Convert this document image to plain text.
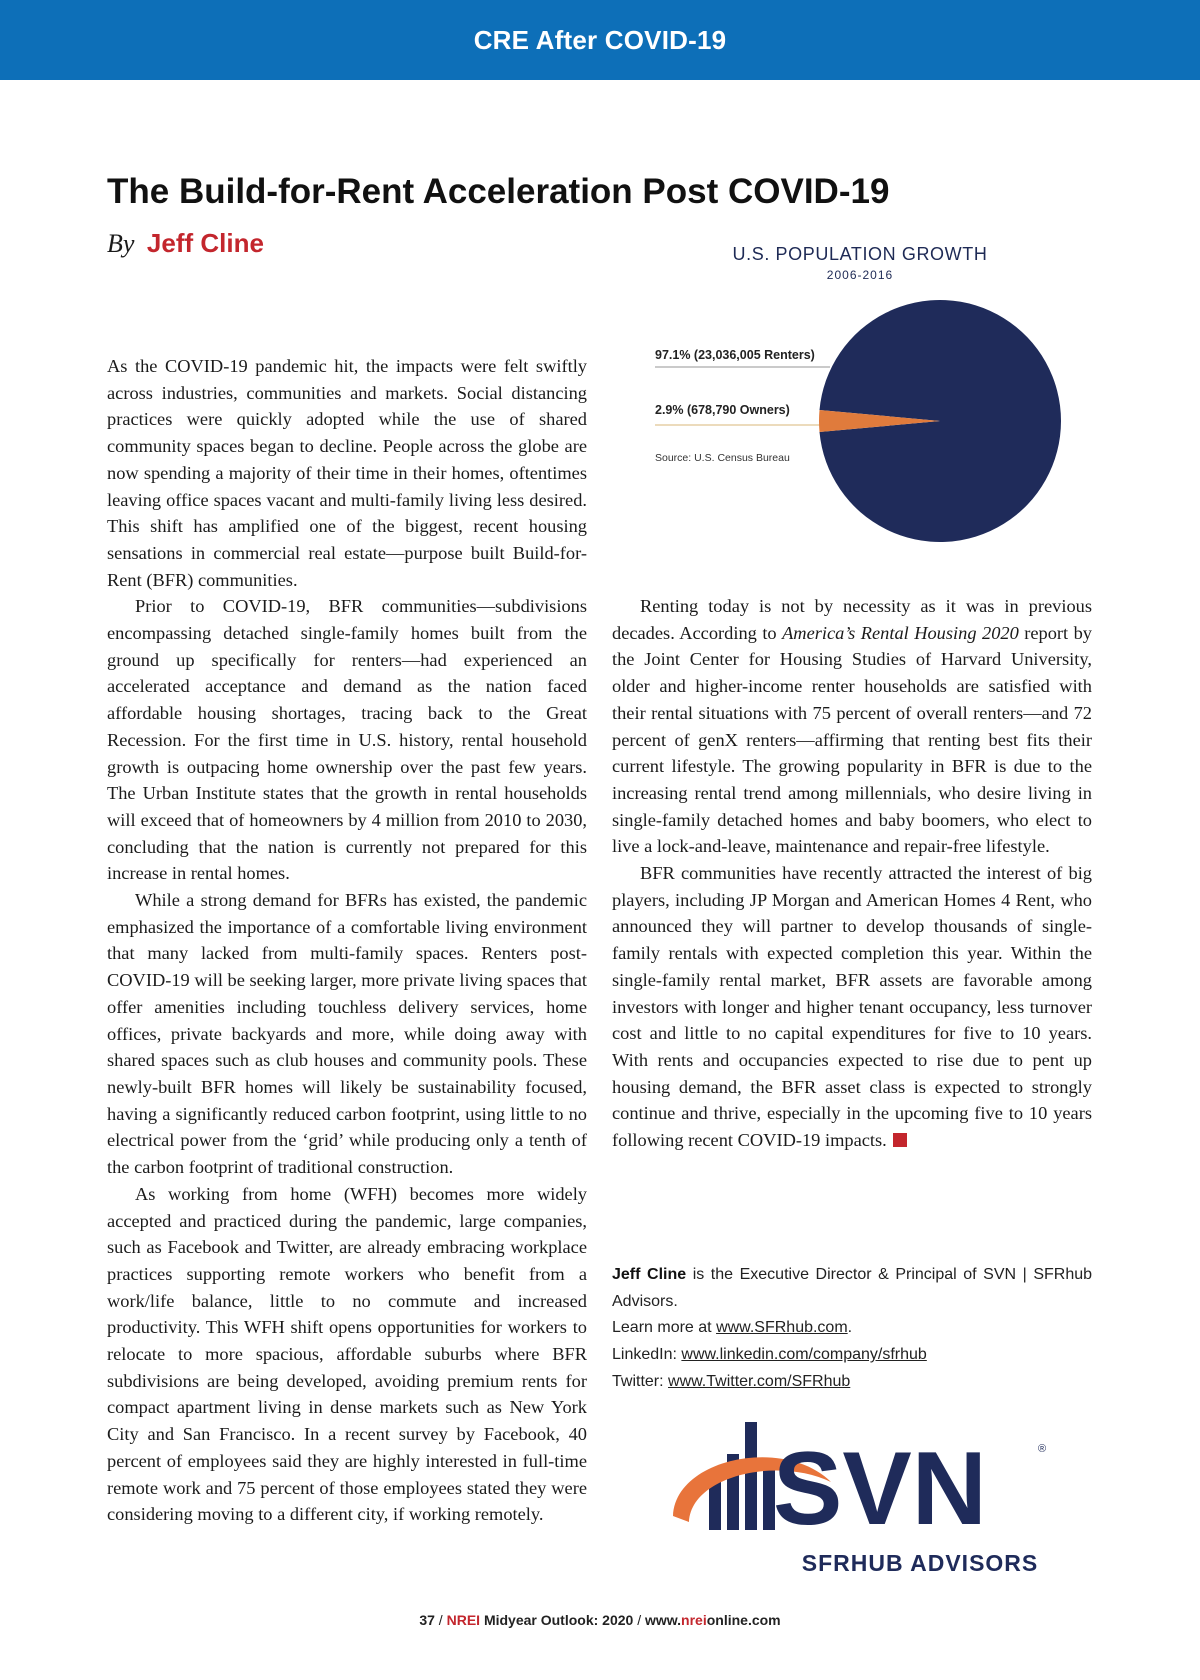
CRE After COVID-19
The Build-for-Rent Acceleration Post COVID-19
By Jeff Cline	U.S. POPULATION GROWTH
2006-2016
97.1% (23,036,005 Renters)
2.9% (678,790 Owners)
Source: U.S. Census Bureau

As the COVID-19 pandemic hit, the impacts were felt swiftly across industries, communities and markets. Social distancing practices were quickly adopted while the use of shared community spaces began to decline. People across the globe are now spending a majority of their time in their homes, oftentimes leaving office spaces vacant and multi-family living less desired. This shift has amplified one of the biggest, recent housing sensations in commercial real estate—purpose built Build-for-Rent (BFR) communities.

Prior to COVID-19, BFR communities—subdivisions encompassing detached single-family homes built from the ground up specifically for renters—had experienced an accelerated acceptance and demand as the nation faced affordable housing shortages, tracing back to the Great Recession. For the first time in U.S. history, rental household growth is outpacing home ownership over the past few years. The Urban Institute states that the growth in rental households will exceed that of homeowners by 4 million from 2010 to 2030, concluding that the nation is currently not prepared for this increase in rental homes.

While a strong demand for BFRs has existed, the pandemic emphasized the importance of a comfortable living environment that many lacked from multi-family spaces. Renters post-COVID-19 will be seeking larger, more private living spaces that offer amenities including touchless delivery services, home offices, private backyards and more, while doing away with shared spaces such as club houses and community pools. These newly-built BFR homes will likely be sustainability focused, having a significantly reduced carbon footprint, using little to no electrical power from the ‘grid’ while producing only a tenth of the carbon footprint of traditional construction.

As working from home (WFH) becomes more widely accepted and practiced during the pandemic, large companies, such as Facebook and Twitter, are already embracing workplace practices supporting remote workers who benefit from a work/life balance, little to no commute and increased productivity. This WFH shift opens opportunities for workers to relocate to more spacious, affordable suburbs where BFR subdivisions are being developed, avoiding premium rents for compact apartment living in dense markets such as New York City and San Francisco. In a recent survey by Facebook, 40 percent of employees said they are highly interested in full-time remote work and 75 percent of those employees stated they were considering moving to a different city, if working remotely.

Renting today is not by necessity as it was in previous decades. According to America’s Rental Housing 2020 report by the Joint Center for Housing Studies of Harvard University, older and higher-income renter households are satisfied with their rental situations with 75 percent of overall renters—and 72 percent of genX renters—affirming that renting best fits their current lifestyle. The growing popularity in BFR is due to the increasing rental trend among millennials, who desire living in single-family detached homes and baby boomers, who elect to live a lock-and-leave, maintenance and repair-free lifestyle.

BFR communities have recently attracted the interest of big players, including JP Morgan and American Homes 4 Rent, who announced they will partner to develop thousands of single-family rentals with expected completion this year. Within the single-family rental market, BFR assets are favorable among investors with longer and higher tenant occupancy, less turnover cost and little to no capital expenditures for five to 10 years. With rents and occupancies expected to rise due to pent up housing demand, the BFR asset class is expected to strongly continue and thrive, especially in the upcoming five to 10 years following recent COVID-19 impacts.

Jeff Cline is the Executive Director & Principal of SVN | SFRhub Advisors.

Learn more at www.SFRhub.com.

LinkedIn: www.linkedin.com/company/sfrhub

Twitter: www.Twitter.com/SFRhub

SVN	®
SFRHUB ADVISORS
37 / NREI Midyear Outlook: 2020 / www.nreionline.com
